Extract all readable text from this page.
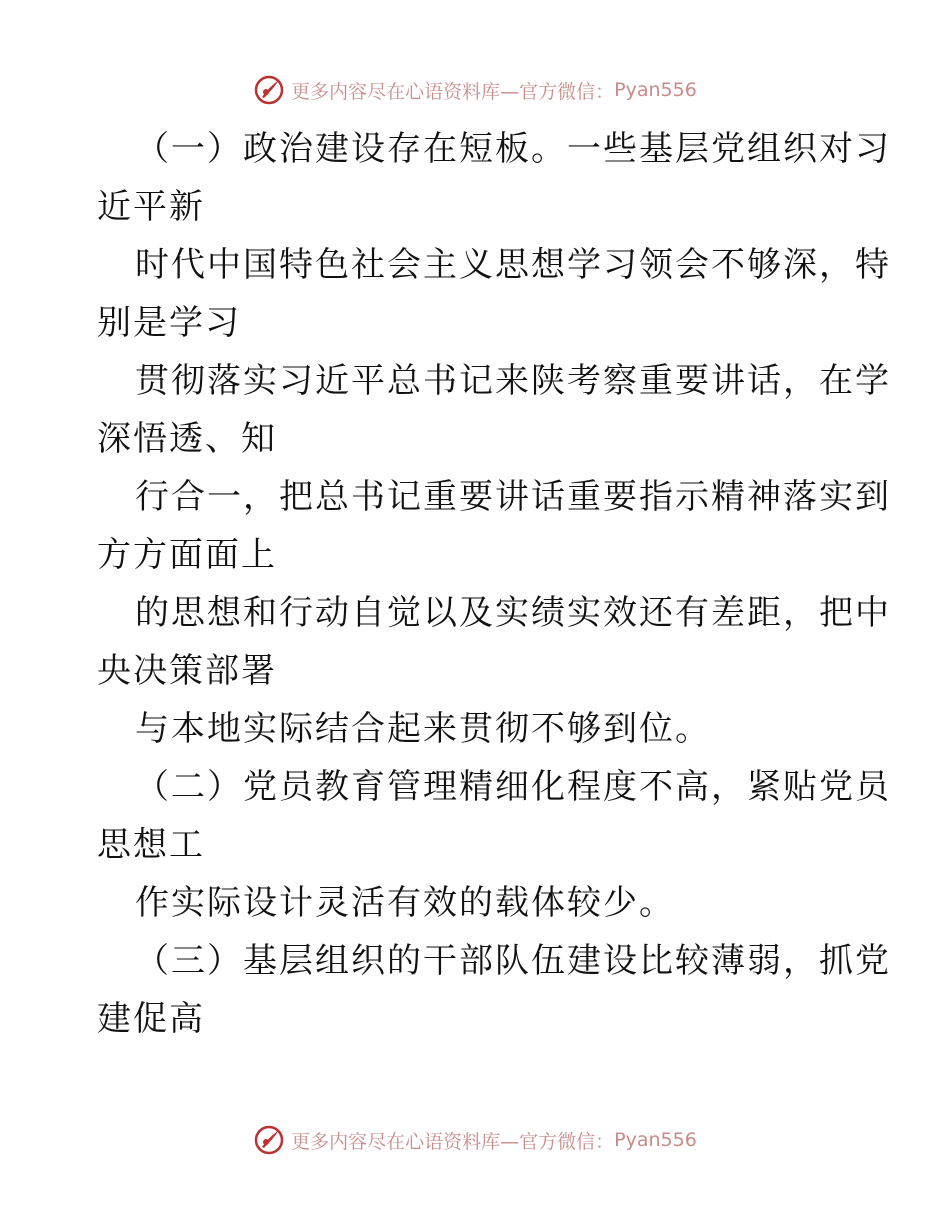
更多内容尽在心语资料库—官方微信： Pyan556
（一）政治建设存在短板。一些基层党组织对习
近平新
时代中国特色社会主义思想学习领会不够深，特
别是学习
贯彻落实习近平总书记来陕考察重要讲话，在学
深悟透、知
行合一，把总书记重要讲话重要指示精神落实到
方方面面上
的思想和行动自觉以及实绩实效还有差距，把中
央决策部署
与本地实际结合起来贯彻不够到位。
（二）党员教育管理精细化程度不高，紧贴党员
思想工
作实际设计灵活有效的载体较少。
（三）基层组织的干部队伍建设比较薄弱，抓党
建促高
更多内容尽在心语资料库—官方微信： Pyan556
